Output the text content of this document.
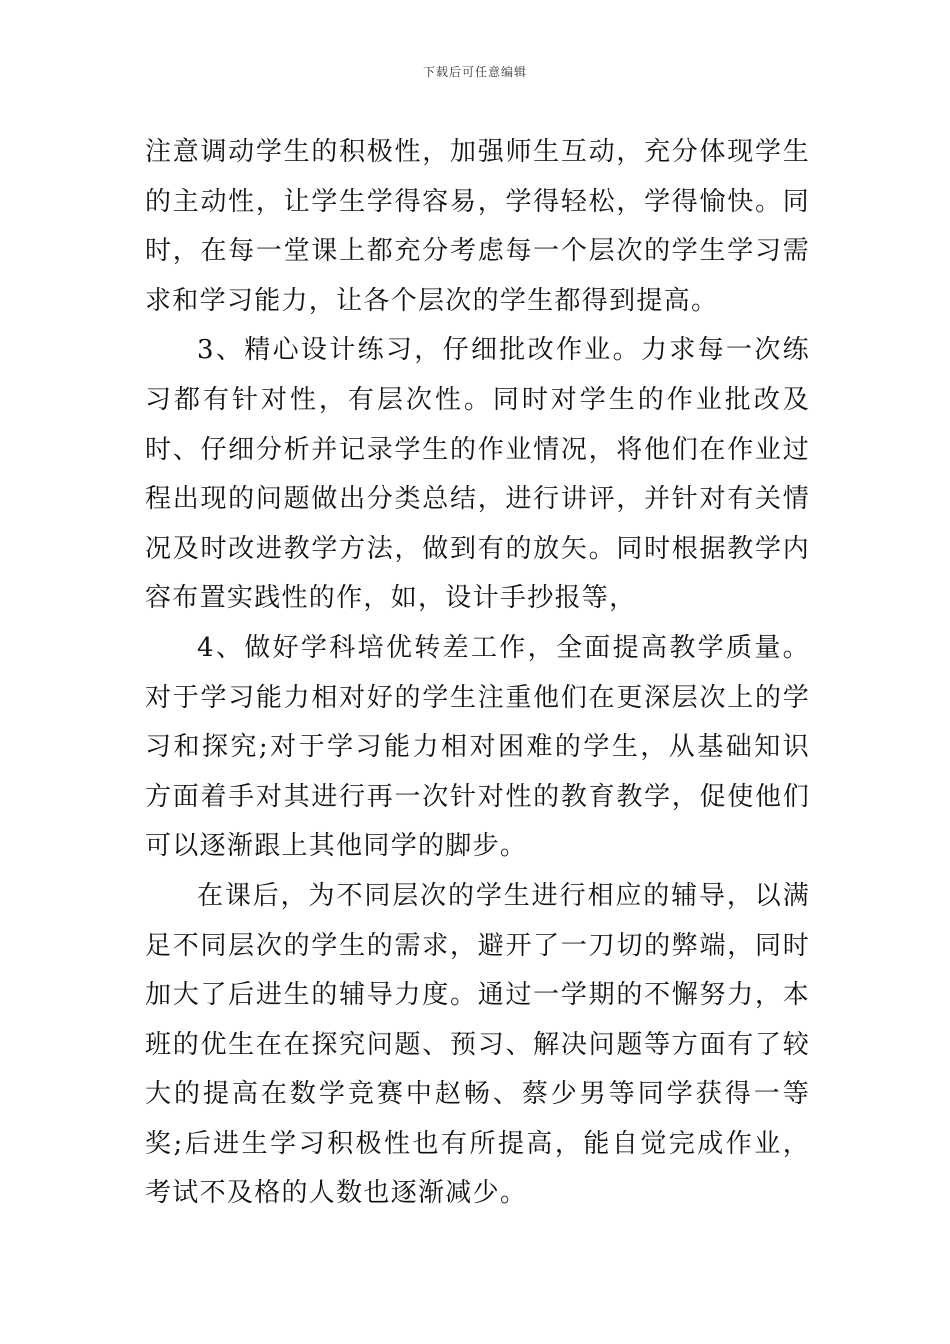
下载后可任意编辑

注意调动学生的积极性，加强师生互动，充分体现学生的主动性，让学生学得容易，学得轻松，学得愉快。同时，在每一堂课上都充分考虑每一个层次的学生学习需求和学习能力，让各个层次的学生都得到提高。

3、精心设计练习，仔细批改作业。力求每一次练习都有针对性，有层次性。同时对学生的作业批改及时、仔细分析并记录学生的作业情况，将他们在作业过程出现的问题做出分类总结，进行讲评，并针对有关情况及时改进教学方法，做到有的放矢。同时根据教学内容布置实践性的作，如，设计手抄报等，

4、做好学科培优转差工作，全面提高教学质量。对于学习能力相对好的学生注重他们在更深层次上的学习和探究;对于学习能力相对困难的学生，从基础知识方面着手对其进行再一次针对性的教育教学，促使他们可以逐渐跟上其他同学的脚步。

在课后，为不同层次的学生进行相应的辅导，以满足不同层次的学生的需求，避开了一刀切的弊端，同时加大了后进生的辅导力度。通过一学期的不懈努力，本班的优生在在探究问题、预习、解决问题等方面有了较大的提高在数学竞赛中赵畅、蔡少男等同学获得一等奖;后进生学习积极性也有所提高，能自觉完成作业，考试不及格的人数也逐渐减少。
